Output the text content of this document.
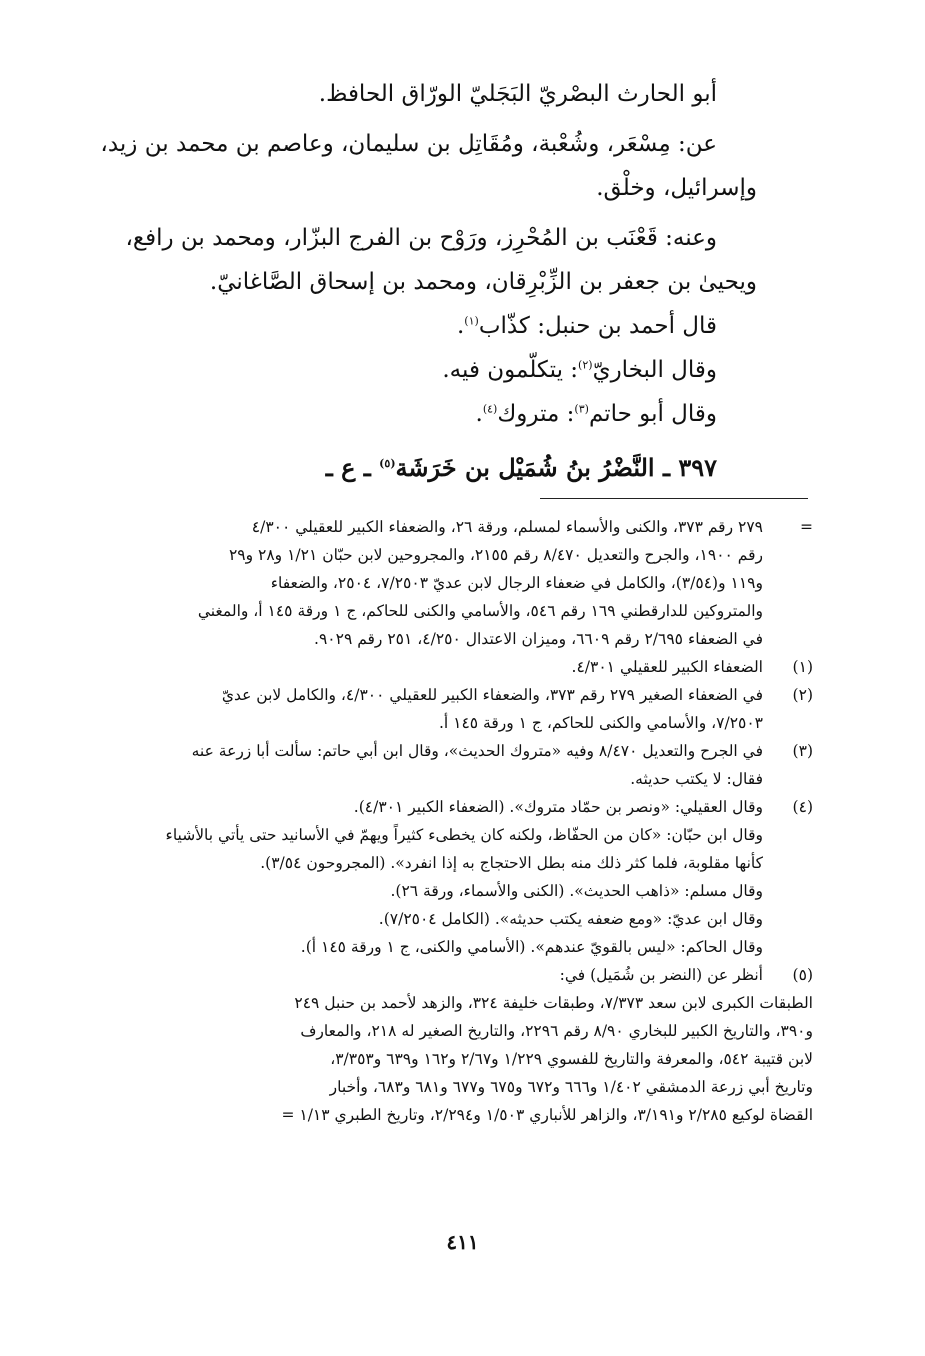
أبو الحارث البصْريّ البَجَليّ الورّاق الحافظ.

عن: مِسْعَر، وشُعْبة، ومُقَاتِل بن سليمان، وعاصم بن محمد بن زيد،

وإسرائيل، وخلْق.

وعنه: قَعْنَب بن المُحْرِز، ورَوْح بن الفرج البزّار، ومحمد بن رافع،

ويحيىٰ بن جعفر بن الزِّبْرِقان، ومحمد بن إسحاق الصَّاغانيّ.

قال أحمد بن حنبل: كذّاب$^{(١)}$.

وقال البخاريّ$^{(٢)}$: يتكلّمون فيه.

وقال أبو حاتم$^{(٣)}$: متروك$^{(٤)}$.

٣٩٧ ـ النَّضْرُ بنُ شُمَيْل بن خَرَشَة$^{(٥)}$ ـ ع ـ
=
٢٧٩ رقم ٣٧٣، والكنى والأسماء لمسلم، ورقة ٢٦، والضعفاء الكبير للعقيلي ٤/٣٠٠
رقم ١٩٠٠، والجرح والتعديل ٨/٤٧٠ رقم ٢١٥٥، والمجروحين لابن حبّان ١/٢١ و٢٨ و٢٩
و١١٩ و(٣/٥٤)، والكامل في ضعفاء الرجال لابن عديّ ٧/٢٥٠٣، ٢٥٠٤، والضعفاء
والمتروكين للدارقطني ١٦٩ رقم ٥٤٦، والأسامي والكنى للحاكم، ج ١ ورقة ١٤٥ أ، والمغني
في الضعفاء ٢/٦٩٥ رقم ٦٦٠٩، وميزان الاعتدال ٤/٢٥٠، ٢٥١ رقم ٩٠٢٩.
(١)
الضعفاء الكبير للعقيلي ٤/٣٠١.
(٢)
في الضعفاء الصغير ٢٧٩ رقم ٣٧٣، والضعفاء الكبير للعقيلي ٤/٣٠٠، والكامل لابن عديّ
٧/٢٥٠٣، والأسامي والكنى للحاكم، ج ١ ورقة ١٤٥ أ.
(٣)
في الجرح والتعديل ٨/٤٧٠ وفيه «متروك الحديث»، وقال ابن أبي حاتم: سألت أبا زرعة عنه
فقال: لا يكتب حديثه.
(٤)
وقال العقيلي: «ونصر بن حمّاد متروك». (الضعفاء الكبير ٤/٣٠١).
وقال ابن حبّان: «كان من الحفّاظ، ولكنه كان يخطىء كثيراً ويهمّ في الأسانيد حتى يأتي بالأشياء
كأنها مقلوبة، فلما كثر ذلك منه بطل الاحتجاج به إذا انفرد». (المجروحون ٣/٥٤).
وقال مسلم: «ذاهب الحديث». (الكنى والأسماء، ورقة ٢٦).
وقال ابن عديّ: «ومع ضعفه يكتب حديثه». (الكامل ٧/٢٥٠٤).
وقال الحاكم: «ليس بالقويّ عندهم». (الأسامي والكنى، ج ١ ورقة ١٤٥ أ).
(٥)
أنظر عن (النضر بن شُمَيل) في:
الطبقات الكبرى لابن سعد ٧/٣٧٣، وطبقات خليفة ٣٢٤، والزهد لأحمد بن حنبل ٢٤٩
و٣٩٠، والتاريخ الكبير للبخاري ٨/٩٠ رقم ٢٢٩٦، والتاريخ الصغير له ٢١٨، والمعارف
لابن قتيبة ٥٤٢، والمعرفة والتاريخ للفسوي ١/٢٢٩ و٢/٦٧ و١٦٢ و٦٣٩ و٣/٣٥٣،
وتاريخ أبي زرعة الدمشقي ١/٤٠٢ و٦٦٦ و٦٧٢ و٦٧٥ و٦٧٧ و٦٨١ و٦٨٣، وأخبار
القضاة لوكيع ٢/٢٨٥ و٣/١٩١، والزاهر للأنباري ١/٥٠٣ و٢/٢٩٤، وتاريخ الطبري ١/١٣ =
٤١١
